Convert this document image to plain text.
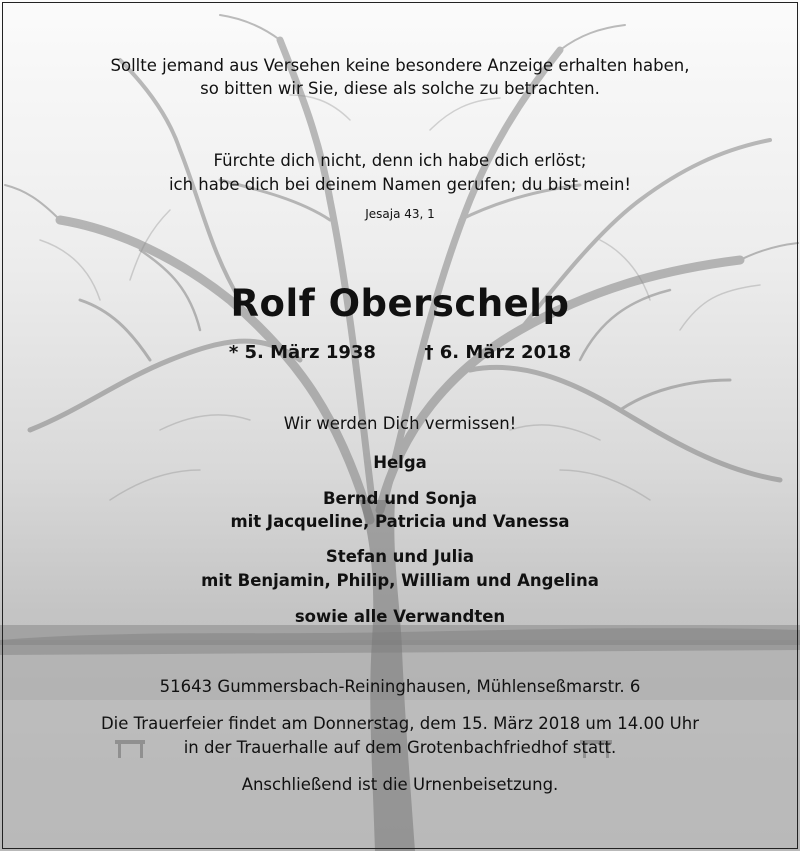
Sollte jemand aus Versehen keine besondere Anzeige erhalten haben,
so bitten wir Sie, diese als solche zu betrachten.
Fürchte dich nicht, denn ich habe dich erlöst;
ich habe dich bei deinem Namen gerufen; du bist mein!
Jesaja 43, 1
Rolf Oberschelp
* 5. März 1938	† 6. März 2018
Wir werden Dich vermissen!
Helga
Bernd und Sonja
mit Jacqueline, Patricia und Vanessa
Stefan und Julia
mit Benjamin, Philip, William und Angelina
sowie alle Verwandten
51643 Gummersbach-Reininghausen, Mühlenseßmarstr. 6
Die Trauerfeier findet am Donnerstag, dem 15. März 2018 um 14.00 Uhr
in der Trauerhalle auf dem Grotenbachfriedhof statt.
Anschließend ist die Urnenbeisetzung.
